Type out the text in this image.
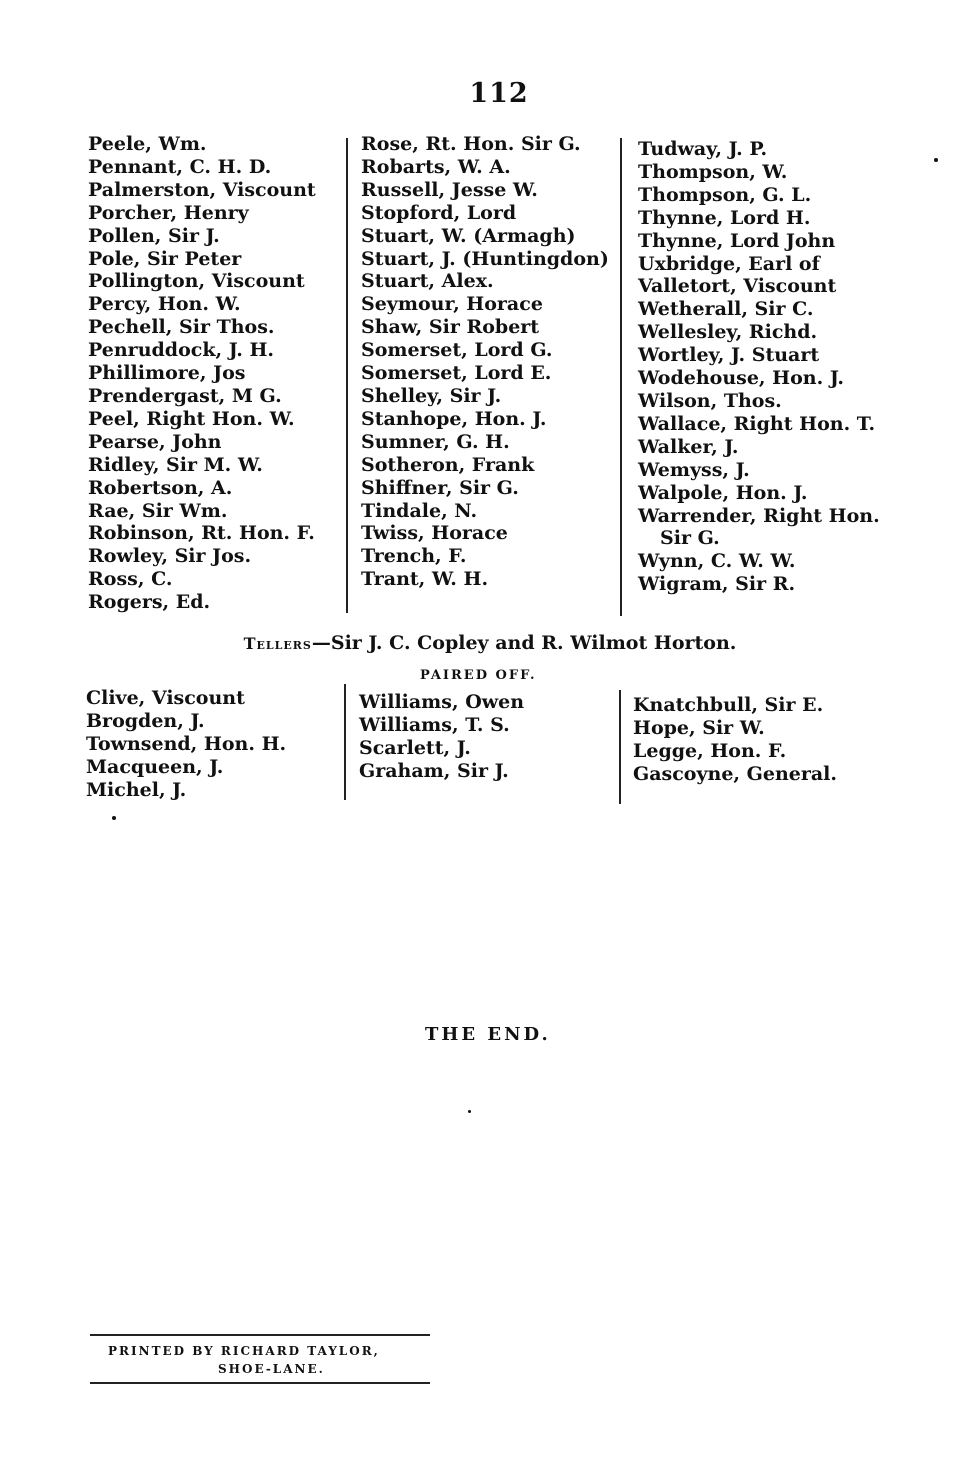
112
Peele, Wm.
Pennant, C. H. D.
Palmerston, Viscount
Porcher, Henry
Pollen, Sir J.
Pole, Sir Peter
Pollington, Viscount
Percy, Hon. W.
Pechell, Sir Thos.
Penruddock, J. H.
Phillimore, Jos
Prendergast, M G.
Peel, Right Hon. W.
Pearse, John
Ridley, Sir M. W.
Robertson, A.
Rae, Sir Wm.
Robinson, Rt. Hon. F.
Rowley, Sir Jos.
Ross, C.
Rogers, Ed.
Rose, Rt. Hon. Sir G.
Robarts, W. A.
Russell, Jesse W.
Stopford, Lord
Stuart, W. (Armagh)
Stuart, J. (Huntingdon)
Stuart, Alex.
Seymour, Horace
Shaw, Sir Robert
Somerset, Lord G.
Somerset, Lord E.
Shelley, Sir J.
Stanhope, Hon. J.
Sumner, G. H.
Sotheron, Frank
Shiffner, Sir G.
Tindale, N.
Twiss, Horace
Trench, F.
Trant, W. H.
Tudway, J. P.
Thompson, W.
Thompson, G. L.
Thynne, Lord H.
Thynne, Lord John
Uxbridge, Earl of
Valletort, Viscount
Wetherall, Sir C.
Wellesley, Richd.
Wortley, J. Stuart
Wodehouse, Hon. J.
Wilson, Thos.
Wallace, Right Hon. T.
Walker, J.
Wemyss, J.
Walpole, Hon. J.
Warrender, Right Hon.
Sir G.
Wynn, C. W. W.
Wigram, Sir R.
Tellers—Sir J. C. Copley and R. Wilmot Horton.
PAIRED OFF.
Clive, Viscount
Brogden, J.
Townsend, Hon. H.
Macqueen, J.
Michel, J.
Williams, Owen
Williams, T. S.
Scarlett, J.
Graham, Sir J.
Knatchbull, Sir E.
Hope, Sir W.
Legge, Hon. F.
Gascoyne, General.
THE END.
PRINTED BY RICHARD TAYLOR,
SHOE-LANE.
